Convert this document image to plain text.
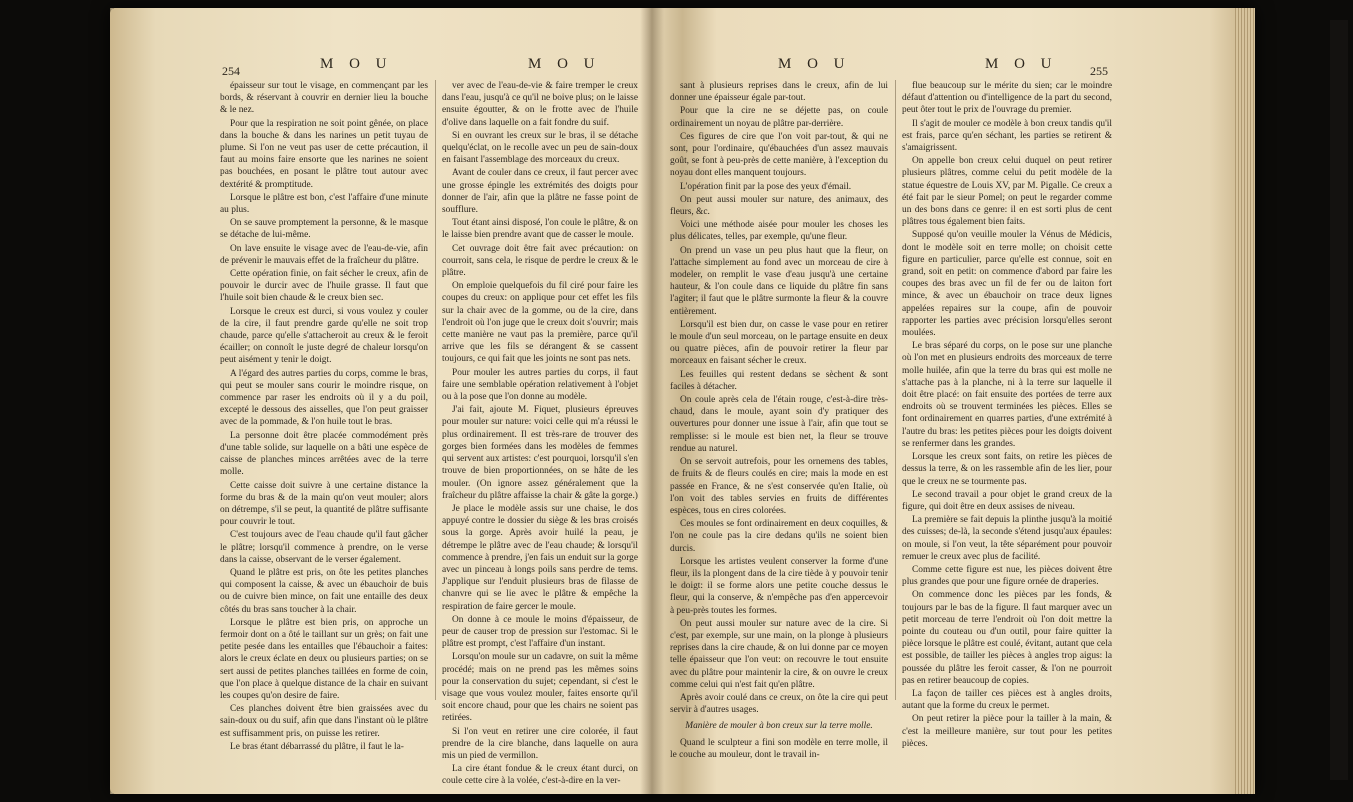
254	M O U	M O U

épaisseur sur tout le visage, en commençant par les bords, & réservant à couvrir en dernier lieu la bouche & le nez.

Pour que la respiration ne soit point gênée, on place dans la bouche & dans les narines un petit tuyau de plume. Si l'on ne veut pas user de cette précaution, il faut au moins faire ensorte que les narines ne soient pas bouchées, en posant le plâtre tout autour avec dextérité & promptitude.

Lorsque le plâtre est bon, c'est l'affaire d'une minute au plus.

On se sauve promptement la personne, & le masque se détache de lui-même.

On lave ensuite le visage avec de l'eau-de-vie, afin de prévenir le mauvais effet de la fraîcheur du plâtre.

Cette opération finie, on fait sécher le creux, afin de pouvoir le durcir avec de l'huile grasse. Il faut que l'huile soit bien chaude & le creux bien sec.

Lorsque le creux est durci, si vous voulez y couler de la cire, il faut prendre garde qu'elle ne soit trop chaude, parce qu'elle s'attacheroit au creux & le feroit écailler; on connoît le juste degré de chaleur lorsqu'on peut aisément y tenir le doigt.

A l'égard des autres parties du corps, comme le bras, qui peut se mouler sans courir le moindre risque, on commence par raser les endroits où il y a du poil, excepté le dessous des aisselles, que l'on peut graisser avec de la pommade, & l'on huile tout le bras.

La personne doit être placée commodément près d'une table solide, sur laquelle on a bâti une espèce de caisse de planches minces arrêtées avec de la terre molle.

Cette caisse doit suivre à une certaine distance la forme du bras & de la main qu'on veut mouler; alors on détrempe, s'il se peut, la quantité de plâtre suffisante pour couvrir le tout.

C'est toujours avec de l'eau chaude qu'il faut gâcher le plâtre; lorsqu'il commence à prendre, on le verse dans la caisse, observant de le verser également.

Quand le plâtre est pris, on ôte les petites planches qui composent la caisse, & avec un ébauchoir de buis ou de cuivre bien mince, on fait une entaille des deux côtés du bras sans toucher à la chair.

Lorsque le plâtre est bien pris, on approche un fermoir dont on a ôté le taillant sur un grès; on fait une petite pesée dans les entailles que l'ébauchoir a faites: alors le creux éclate en deux ou plusieurs parties; on se sert aussi de petites planches taillées en forme de coin, que l'on place à quelque distance de la chair en suivant les coupes qu'on desire de faire.

Ces planches doivent être bien graissées avec du sain-doux ou du suif, afin que dans l'instant où le plâtre est suffisamment pris, on puisse les retirer.

Le bras étant débarrassé du plâtre, il faut le la-

ver avec de l'eau-de-vie & faire tremper le creux dans l'eau, jusqu'à ce qu'il ne boive plus; on le laisse ensuite égoutter, & on le frotte avec de l'huile d'olive dans laquelle on a fait fondre du suif.

Si en ouvrant les creux sur le bras, il se détache quelqu'éclat, on le recolle avec un peu de sain-doux en faisant l'assemblage des morceaux du creux.

Avant de couler dans ce creux, il faut percer avec une grosse épingle les extrémités des doigts pour donner de l'air, afin que la plâtre ne fasse point de soufflure.

Tout étant ainsi disposé, l'on coule le plâtre, & on le laisse bien prendre avant que de casser le moule.

Cet ouvrage doit être fait avec précaution: on courroit, sans cela, le risque de perdre le creux & le plâtre.

On emploie quelquefois du fil ciré pour faire les coupes du creux: on applique pour cet effet les fils sur la chair avec de la gomme, ou de la cire, dans l'endroit où l'on juge que le creux doit s'ouvrir; mais cette manière ne vaut pas la première, parce qu'il arrive que les fils se dérangent & se cassent toujours, ce qui fait que les joints ne sont pas nets.

Pour mouler les autres parties du corps, il faut faire une semblable opération relativement à l'objet ou à la pose que l'on donne au modèle.

J'ai fait, ajoute M. Fiquet, plusieurs épreuves pour mouler sur nature: voici celle qui m'a réussi le plus ordinairement. Il est très-rare de trouver des gorges bien formées dans les modèles de femmes qui servent aux artistes: c'est pourquoi, lorsqu'il s'en trouve de bien proportionnées, on se hâte de les mouler. (On ignore assez généralement que la fraîcheur du plâtre affaisse la chair & gâte la gorge.)

Je place le modèle assis sur une chaise, le dos appuyé contre le dossier du siège & les bras croisés sous la gorge. Après avoir huilé la peau, je détrempe le plâtre avec de l'eau chaude; & lorsqu'il commence à prendre, j'en fais un enduit sur la gorge avec un pinceau à longs poils sans perdre de tems. J'applique sur l'enduit plusieurs bras de filasse de chanvre qui se lie avec le plâtre & empêche la respiration de faire gercer le moule.

On donne à ce moule le moins d'épaisseur, de peur de causer trop de pression sur l'estomac. Si le plâtre est prompt, c'est l'affaire d'un instant.

Lorsqu'on moule sur un cadavre, on suit la même procédé; mais on ne prend pas les mêmes soins pour la conservation du sujet; cependant, si c'est le visage que vous voulez mouler, faites ensorte qu'il soit encore chaud, pour que les chairs ne soient pas retirées.

Si l'on veut en retirer une cire colorée, il faut prendre de la cire blanche, dans laquelle on aura mis un pied de vermillon.

La cire étant fondue & le creux étant durci, on coule cette cire à la volée, c'est-à-dire en la ver-

M O U	M O U	255

sant à plusieurs reprises dans le creux, afin de lui donner une épaisseur égale par-tout.

Pour que la cire ne se déjette pas, on coule ordinairement un noyau de plâtre par-derrière.

Ces figures de cire que l'on voit par-tout, & qui ne sont, pour l'ordinaire, qu'ébauchées d'un assez mauvais goût, se font à peu-près de cette manière, à l'exception du noyau dont elles manquent toujours.

L'opération finit par la pose des yeux d'émail.

On peut aussi mouler sur nature, des animaux, des fleurs, &c.

Voici une méthode aisée pour mouler les choses les plus délicates, telles, par exemple, qu'une fleur.

On prend un vase un peu plus haut que la fleur, on l'attache simplement au fond avec un morceau de cire à modeler, on remplit le vase d'eau jusqu'à une certaine hauteur, & l'on coule dans ce liquide du plâtre fin sans l'agiter; il faut que le plâtre surmonte la fleur & la couvre entièrement.

Lorsqu'il est bien dur, on casse le vase pour en retirer le moule d'un seul morceau, on le partage ensuite en deux ou quatre pièces, afin de pouvoir retirer la fleur par morceaux en faisant sécher le creux.

Les feuilles qui restent dedans se sèchent & sont faciles à détacher.

On coule après cela de l'étain rouge, c'est-à-dire très-chaud, dans le moule, ayant soin d'y pratiquer des ouvertures pour donner une issue à l'air, afin que tout se remplisse: si le moule est bien net, la fleur se trouve rendue au naturel.

On se servoit autrefois, pour les ornemens des tables, de fruits & de fleurs coulés en cire; mais la mode en est passée en France, & ne s'est conservée qu'en Italie, où l'on voit des tables servies en fruits de différentes espèces, tous en cires colorées.

Ces moules se font ordinairement en deux coquilles, & l'on ne coule pas la cire dedans qu'ils ne soient bien durcis.

Lorsque les artistes veulent conserver la forme d'une fleur, ils la plongent dans de la cire tiède à y pouvoir tenir le doigt: il se forme alors une petite couche dessus le fleur, qui la conserve, & n'empêche pas d'en appercevoir à peu-près toutes les formes.

On peut aussi mouler sur nature avec de la cire. Si c'est, par exemple, sur une main, on la plonge à plusieurs reprises dans la cire chaude, & on lui donne par ce moyen telle épaisseur que l'on veut: on recouvre le tout ensuite avec du plâtre pour maintenir la cire, & on ouvre le creux comme celui qui n'est fait qu'en plâtre.

Après avoir coulé dans ce creux, on ôte la cire qui peut servir à d'autres usages.

Manière de mouler à bon creux sur la terre molle.

Quand le sculpteur a fini son modèle en terre molle, il le couche au mouleur, dont le travail in-

flue beaucoup sur le mérite du sien; car le moindre défaut d'attention ou d'intelligence de la part du second, peut ôter tout le prix de l'ouvrage du premier.

Il s'agit de mouler ce modèle à bon creux tandis qu'il est frais, parce qu'en séchant, les parties se retirent & s'amaigrissent.

On appelle bon creux celui duquel on peut retirer plusieurs plâtres, comme celui du petit modèle de la statue équestre de Louis XV, par M. Pigalle. Ce creux a été fait par le sieur Pomel; on peut le regarder comme un des bons dans ce genre: il en est sorti plus de cent plâtres tous également bien faits.

Supposé qu'on veuille mouler la Vénus de Médicis, dont le modèle soit en terre molle; on choisit cette figure en particulier, parce qu'elle est connue, soit en grand, soit en petit: on commence d'abord par faire les coupes des bras avec un fil de fer ou de laiton fort mince, & avec un ébauchoir on trace deux lignes appelées repaires sur la coupe, afin de pouvoir rapporter les parties avec précision lorsqu'elles seront moulées.

Le bras séparé du corps, on le pose sur une planche où l'on met en plusieurs endroits des morceaux de terre molle huilée, afin que la terre du bras qui est molle ne s'attache pas à la planche, ni à la terre sur laquelle il doit être placé: on fait ensuite des portées de terre aux endroits où se trouvent terminées les pièces. Elles se font ordinairement en quarres parties, d'une extrémité à l'autre du bras: les petites pièces pour les doigts doivent se renfermer dans les grandes.

Lorsque les creux sont faits, on retire les pièces de dessus la terre, & on les rassemble afin de les lier, pour que le creux ne se tourmente pas.

Le second travail a pour objet le grand creux de la figure, qui doit être en deux assises de niveau.

La première se fait depuis la plinthe jusqu'à la moitié des cuisses; de-là, la seconde s'étend jusqu'aux épaules: on moule, si l'on veut, la tête séparément pour pouvoir remuer le creux avec plus de facilité.

Comme cette figure est nue, les pièces doivent être plus grandes que pour une figure ornée de draperies.

On commence donc les pièces par les fonds, & toujours par le bas de la figure. Il faut marquer avec un petit morceau de terre l'endroit où l'on doit mettre la pointe du couteau ou d'un outil, pour faire quitter la pièce lorsque le plâtre est coulé, évitant, autant que cela est possible, de tailler les pièces à angles trop aigus: la poussée du plâtre les feroit casser, & l'on ne pourroit pas en retirer beaucoup de copies.

La façon de tailler ces pièces est à angles droits, autant que la forme du creux le permet.

On peut retirer la pièce pour la tailler à la main, & c'est la meilleure manière, sur tout pour les petites pièces.
